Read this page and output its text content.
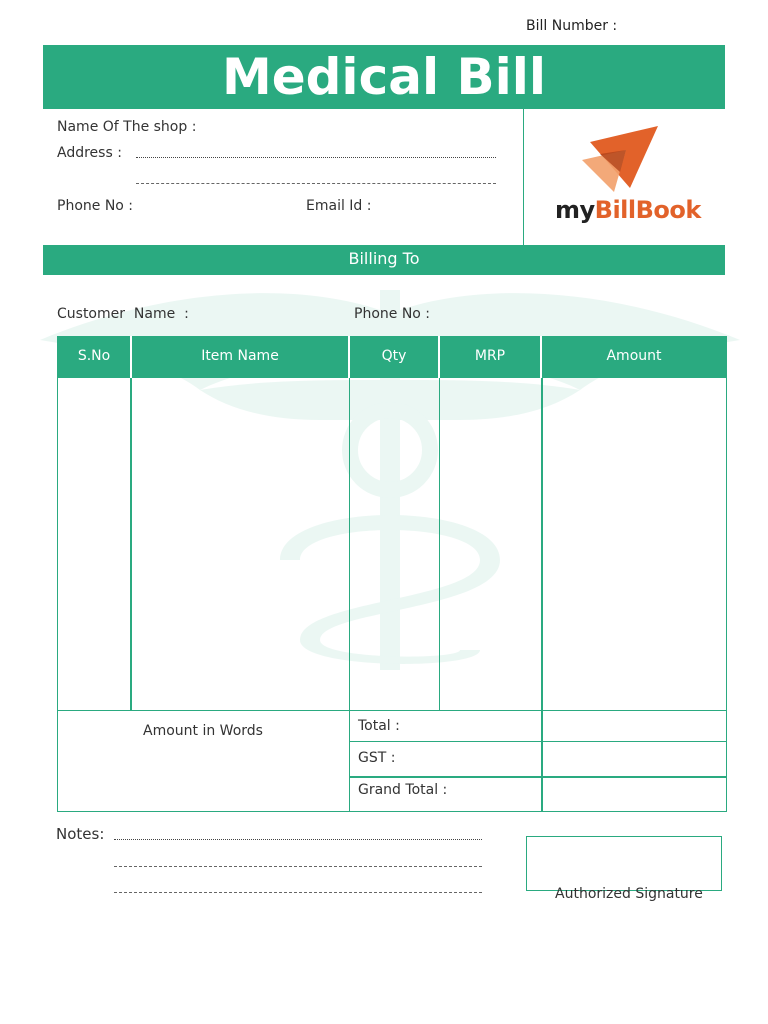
Bill Number :
Medical Bill
Name Of The shop :
Address :
Phone No :	Email Id :	myBillBook
Billing To
Customer  Name  :	Phone No :
S.No	Item Name	Qty	MRP	Amount
Amount in Words	Total :
GST :
Grand Total :
Notes:
Authorized Signature
